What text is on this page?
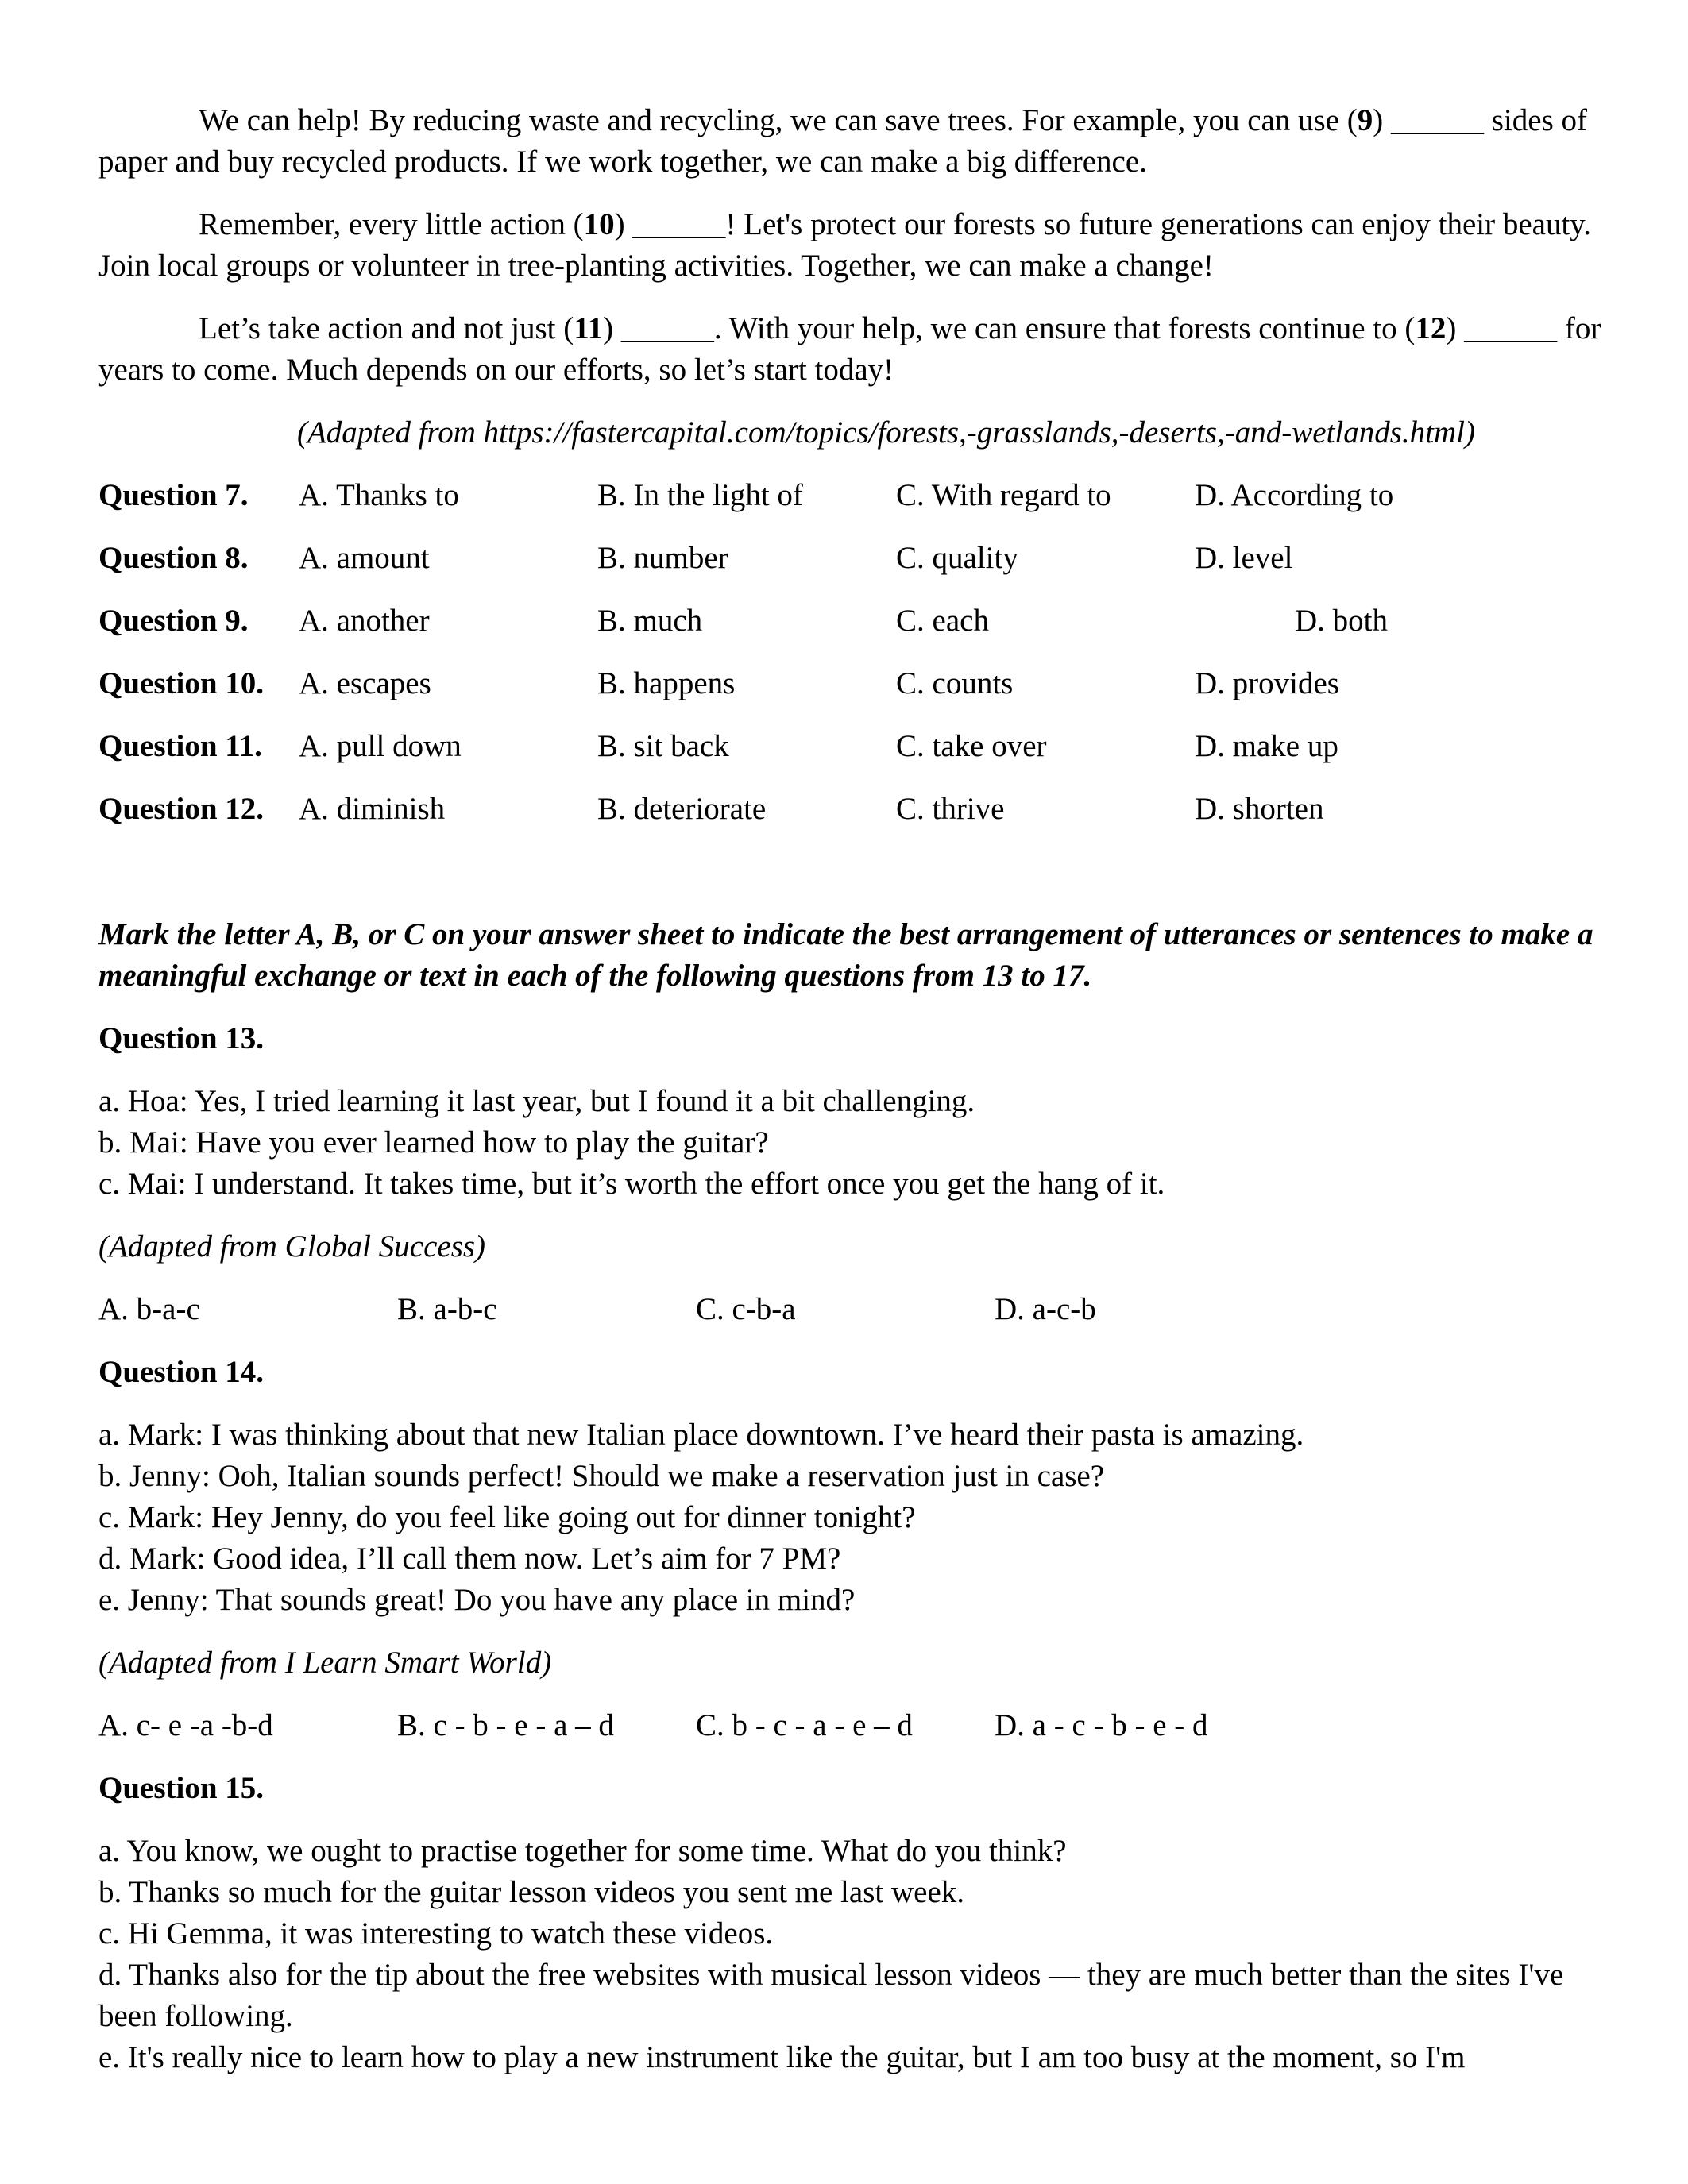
We can help! By reducing waste and recycling, we can save trees. For example, you can use (9) ______ sides of paper and buy recycled products. If we work together, we can make a big difference.

Remember, every little action (10) ______! Let's protect our forests so future generations can enjoy their beauty. Join local groups or volunteer in tree-planting activities. Together, we can make a change!

Let’s take action and not just (11) ______. With your help, we can ensure that forests continue to (12) ______ for years to come. Much depends on our efforts, so let’s start today!

(Adapted from https://fastercapital.com/topics/forests,-grasslands,-deserts,-and-wetlands.html)

Question 7.	A. Thanks to	B. In the light of	C. With regard to	D. According to
Question 8.	A. amount	B. number	C. quality	D. level
Question 9.	A. another	B. much	C. each	D. both
Question 10.	A. escapes	B. happens	C. counts	D. provides
Question 11.	A. pull down	B. sit back	C. take over	D. make up
Question 12.	A. diminish	B. deteriorate	C. thrive	D. shorten

Mark the letter A, B, or C on your answer sheet to indicate the best arrangement of utterances or sentences to make a meaningful exchange or text in each of the following questions from 13 to 17.

Question 13.

a. Hoa: Yes, I tried learning it last year, but I found it a bit challenging.
b. Mai: Have you ever learned how to play the guitar?
c. Mai: I understand. It takes time, but it’s worth the effort once you get the hang of it.

(Adapted from Global Success)

A. b-a-c	B. a-b-c	C. c-b-a	D. a-c-b

Question 14.

a. Mark: I was thinking about that new Italian place downtown. I’ve heard their pasta is amazing.
b. Jenny: Ooh, Italian sounds perfect! Should we make a reservation just in case?
c. Mark: Hey Jenny, do you feel like going out for dinner tonight?
d. Mark: Good idea, I’ll call them now. Let’s aim for 7 PM?
e. Jenny: That sounds great! Do you have any place in mind?

(Adapted from I Learn Smart World)

A. c- e -a -b-d	B. c - b - e - a – d	C. b - c - a - e – d	D. a - c - b - e - d

Question 15.

a. You know, we ought to practise together for some time. What do you think?
b. Thanks so much for the guitar lesson videos you sent me last week.
c. Hi Gemma, it was interesting to watch these videos.
d. Thanks also for the tip about the free websites with musical lesson videos — they are much better than the sites I've been following.
e. It's really nice to learn how to play a new instrument like the guitar, but I am too busy at the moment, so I'm
